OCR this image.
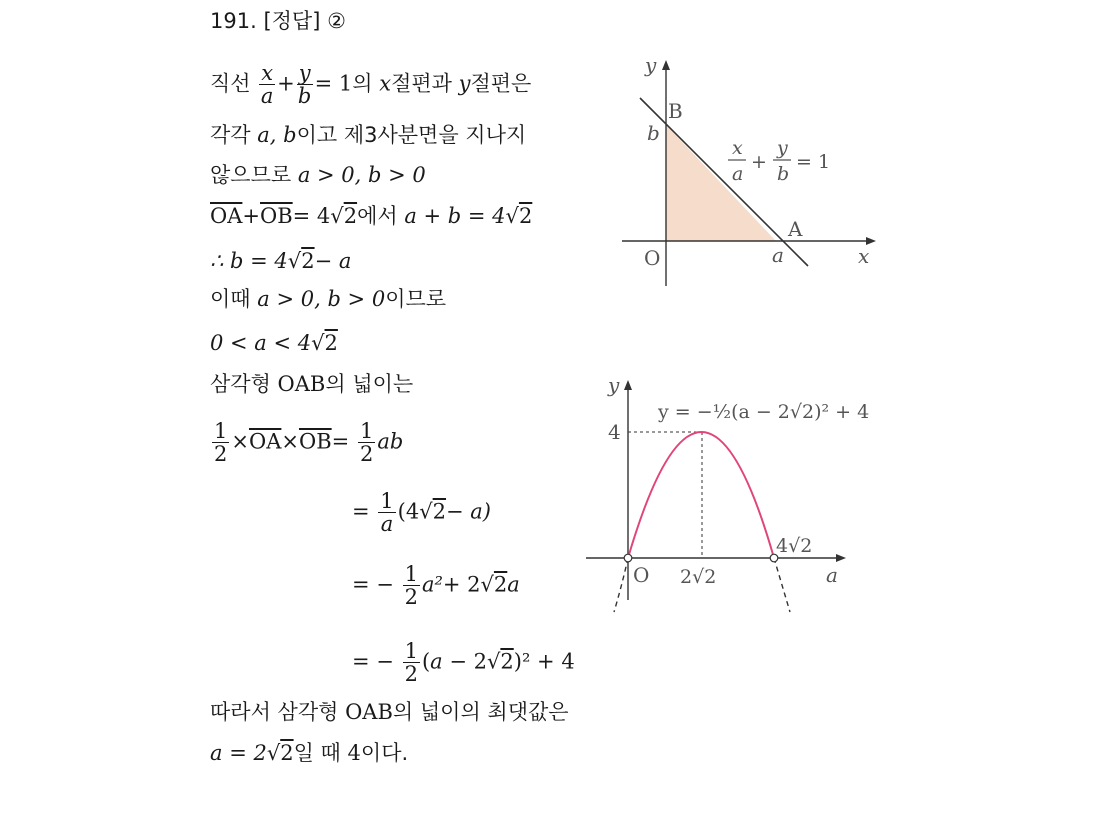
191. [정답] ②
직선 $\frac{x}{a} + \frac{y}{b} = 1$의 x절편과 y절편은
각각 a, b이고 제3사분면을 지나지
않으므로 a > 0, b > 0
$\overline{OA}+\overline{OB}= 4√2$에서 a + b = 4√2
∴ b = 4√2− a
이때 a > 0, b > 0이므로
0 < a < 4√2
삼각형 OAB의 넓이는
$\frac{1}{2} \times\overline{OA}\times\overline{OB}= \frac{1}{2}$ ab
= $\frac{1}{a} (4√2- a)$
= − $\frac{1}{2} a^2+ 2√2a$
= − $\frac{1}{2} (a - 2√2)^2 + 4$
따라서 삼각형 OAB의 넓이의 최댓값은
a = 2√2일 때 4이다.
x
y
O
B
b
A
a
x
a
+
y
b
= 1
y
a
O
4
2√2
4√2
y = −½(a − 2√2)² + 4
